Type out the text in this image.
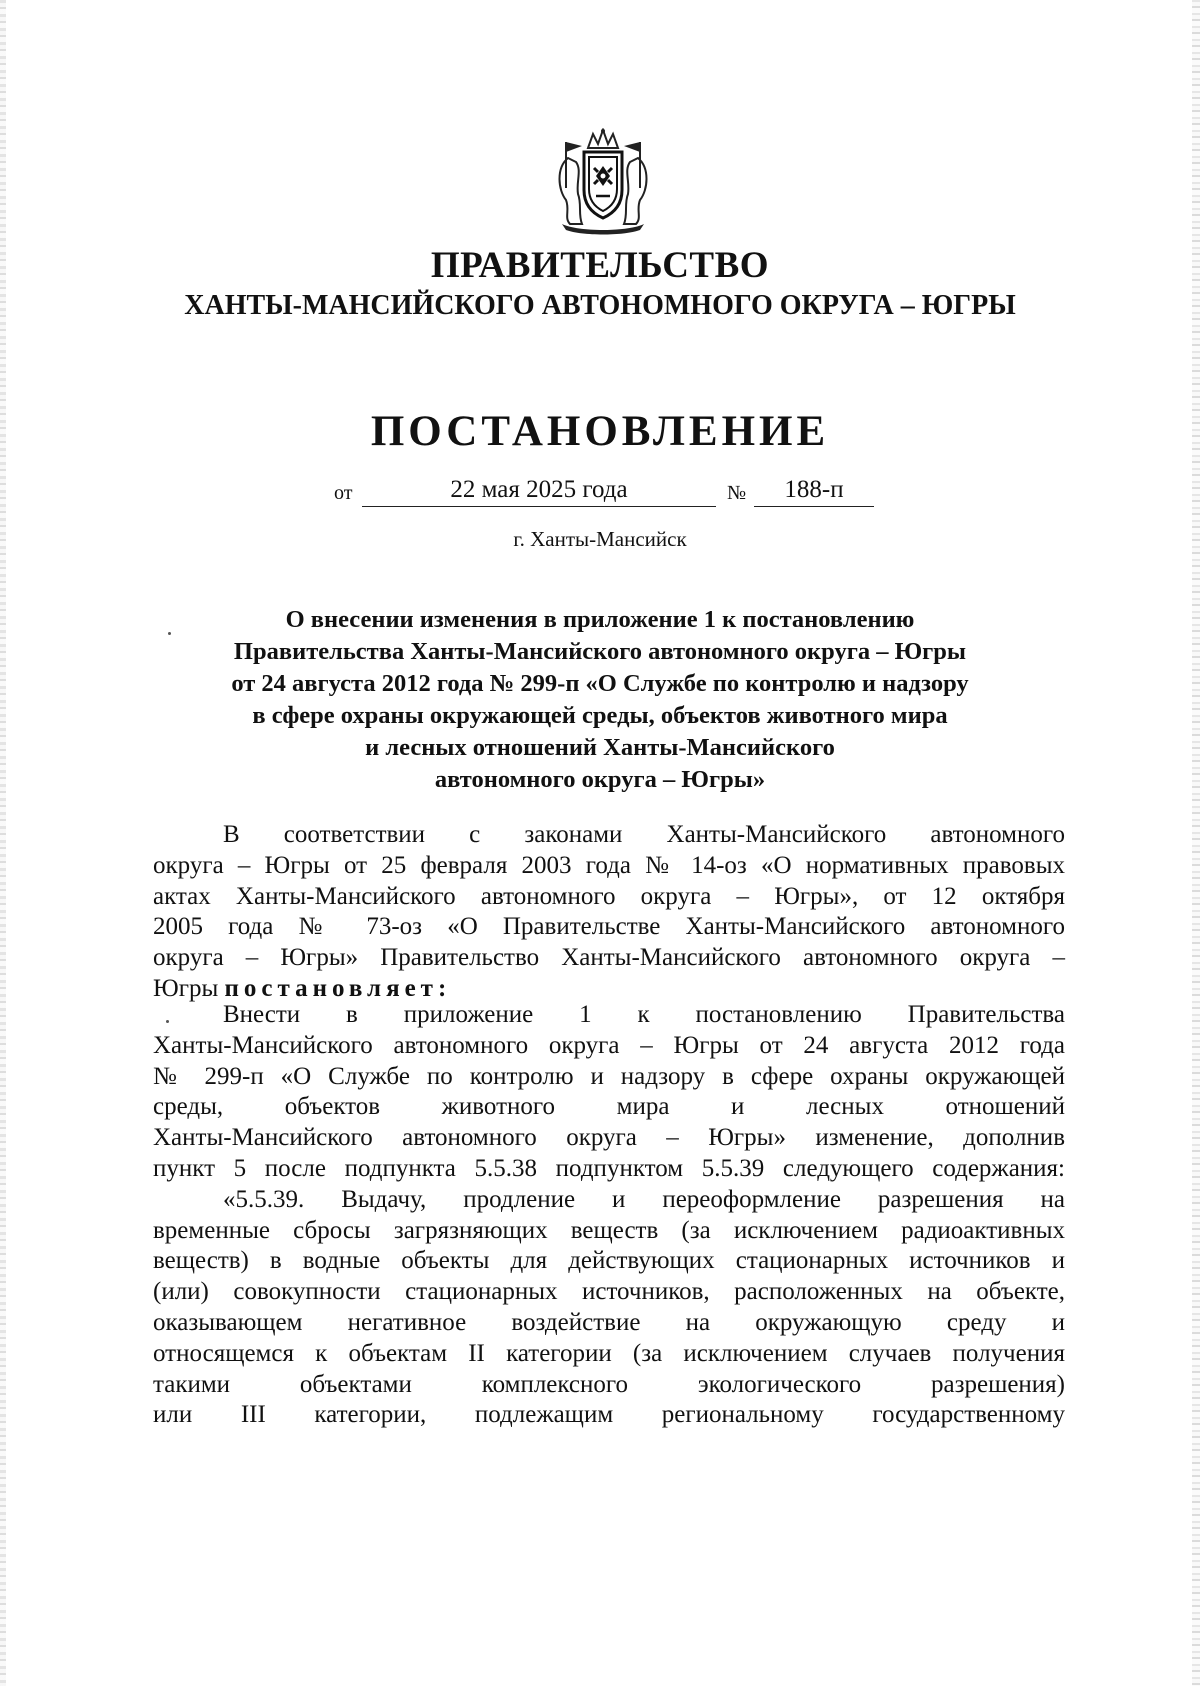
ПРАВИТЕЛЬСТВО
ХАНТЫ-МАНСИЙСКОГО АВТОНОМНОГО ОКРУГА – ЮГРЫ
ПОСТАНОВЛЕНИЕ
от	22 мая 2025 года	№	188-п
г. Ханты-Мансийск
О внесении изменения в приложение 1 к постановлению
Правительства Ханты-Мансийского автономного округа – Югры
от 24 августа 2012 года № 299-п «О Службе по контролю и надзору
в сфере охраны окружающей среды, объектов животного мира
и лесных отношений Ханты-Мансийского
автономного округа – Югры»
В соответствии с законами Ханты-Мансийского автономного
округа – Югры от 25 февраля 2003 года № 14-оз «О нормативных правовых
актах Ханты-Мансийского автономного округа – Югры», от 12 октября
2005 года № 73-оз «О Правительстве Ханты-Мансийского автономного
округа – Югры» Правительство Ханты-Мансийского автономного округа –
Югры постановляет:
Внести в приложение 1 к постановлению Правительства
Ханты-Мансийского автономного округа – Югры от 24 августа 2012 года
№ 299-п «О Службе по контролю и надзору в сфере охраны окружающей
среды, объектов животного мира и лесных отношений
Ханты-Мансийского автономного округа – Югры» изменение, дополнив
пункт 5 после подпункта 5.5.38 подпунктом 5.5.39 следующего содержания:
«5.5.39. Выдачу, продление и переоформление разрешения на
временные сбросы загрязняющих веществ (за исключением радиоактивных
веществ) в водные объекты для действующих стационарных источников и
(или) совокупности стационарных источников, расположенных на объекте,
оказывающем негативное воздействие на окружающую среду и
относящемся к объектам II категории (за исключением случаев получения
такими объектами комплексного экологического разрешения)
или III категории, подлежащим региональному государственному
